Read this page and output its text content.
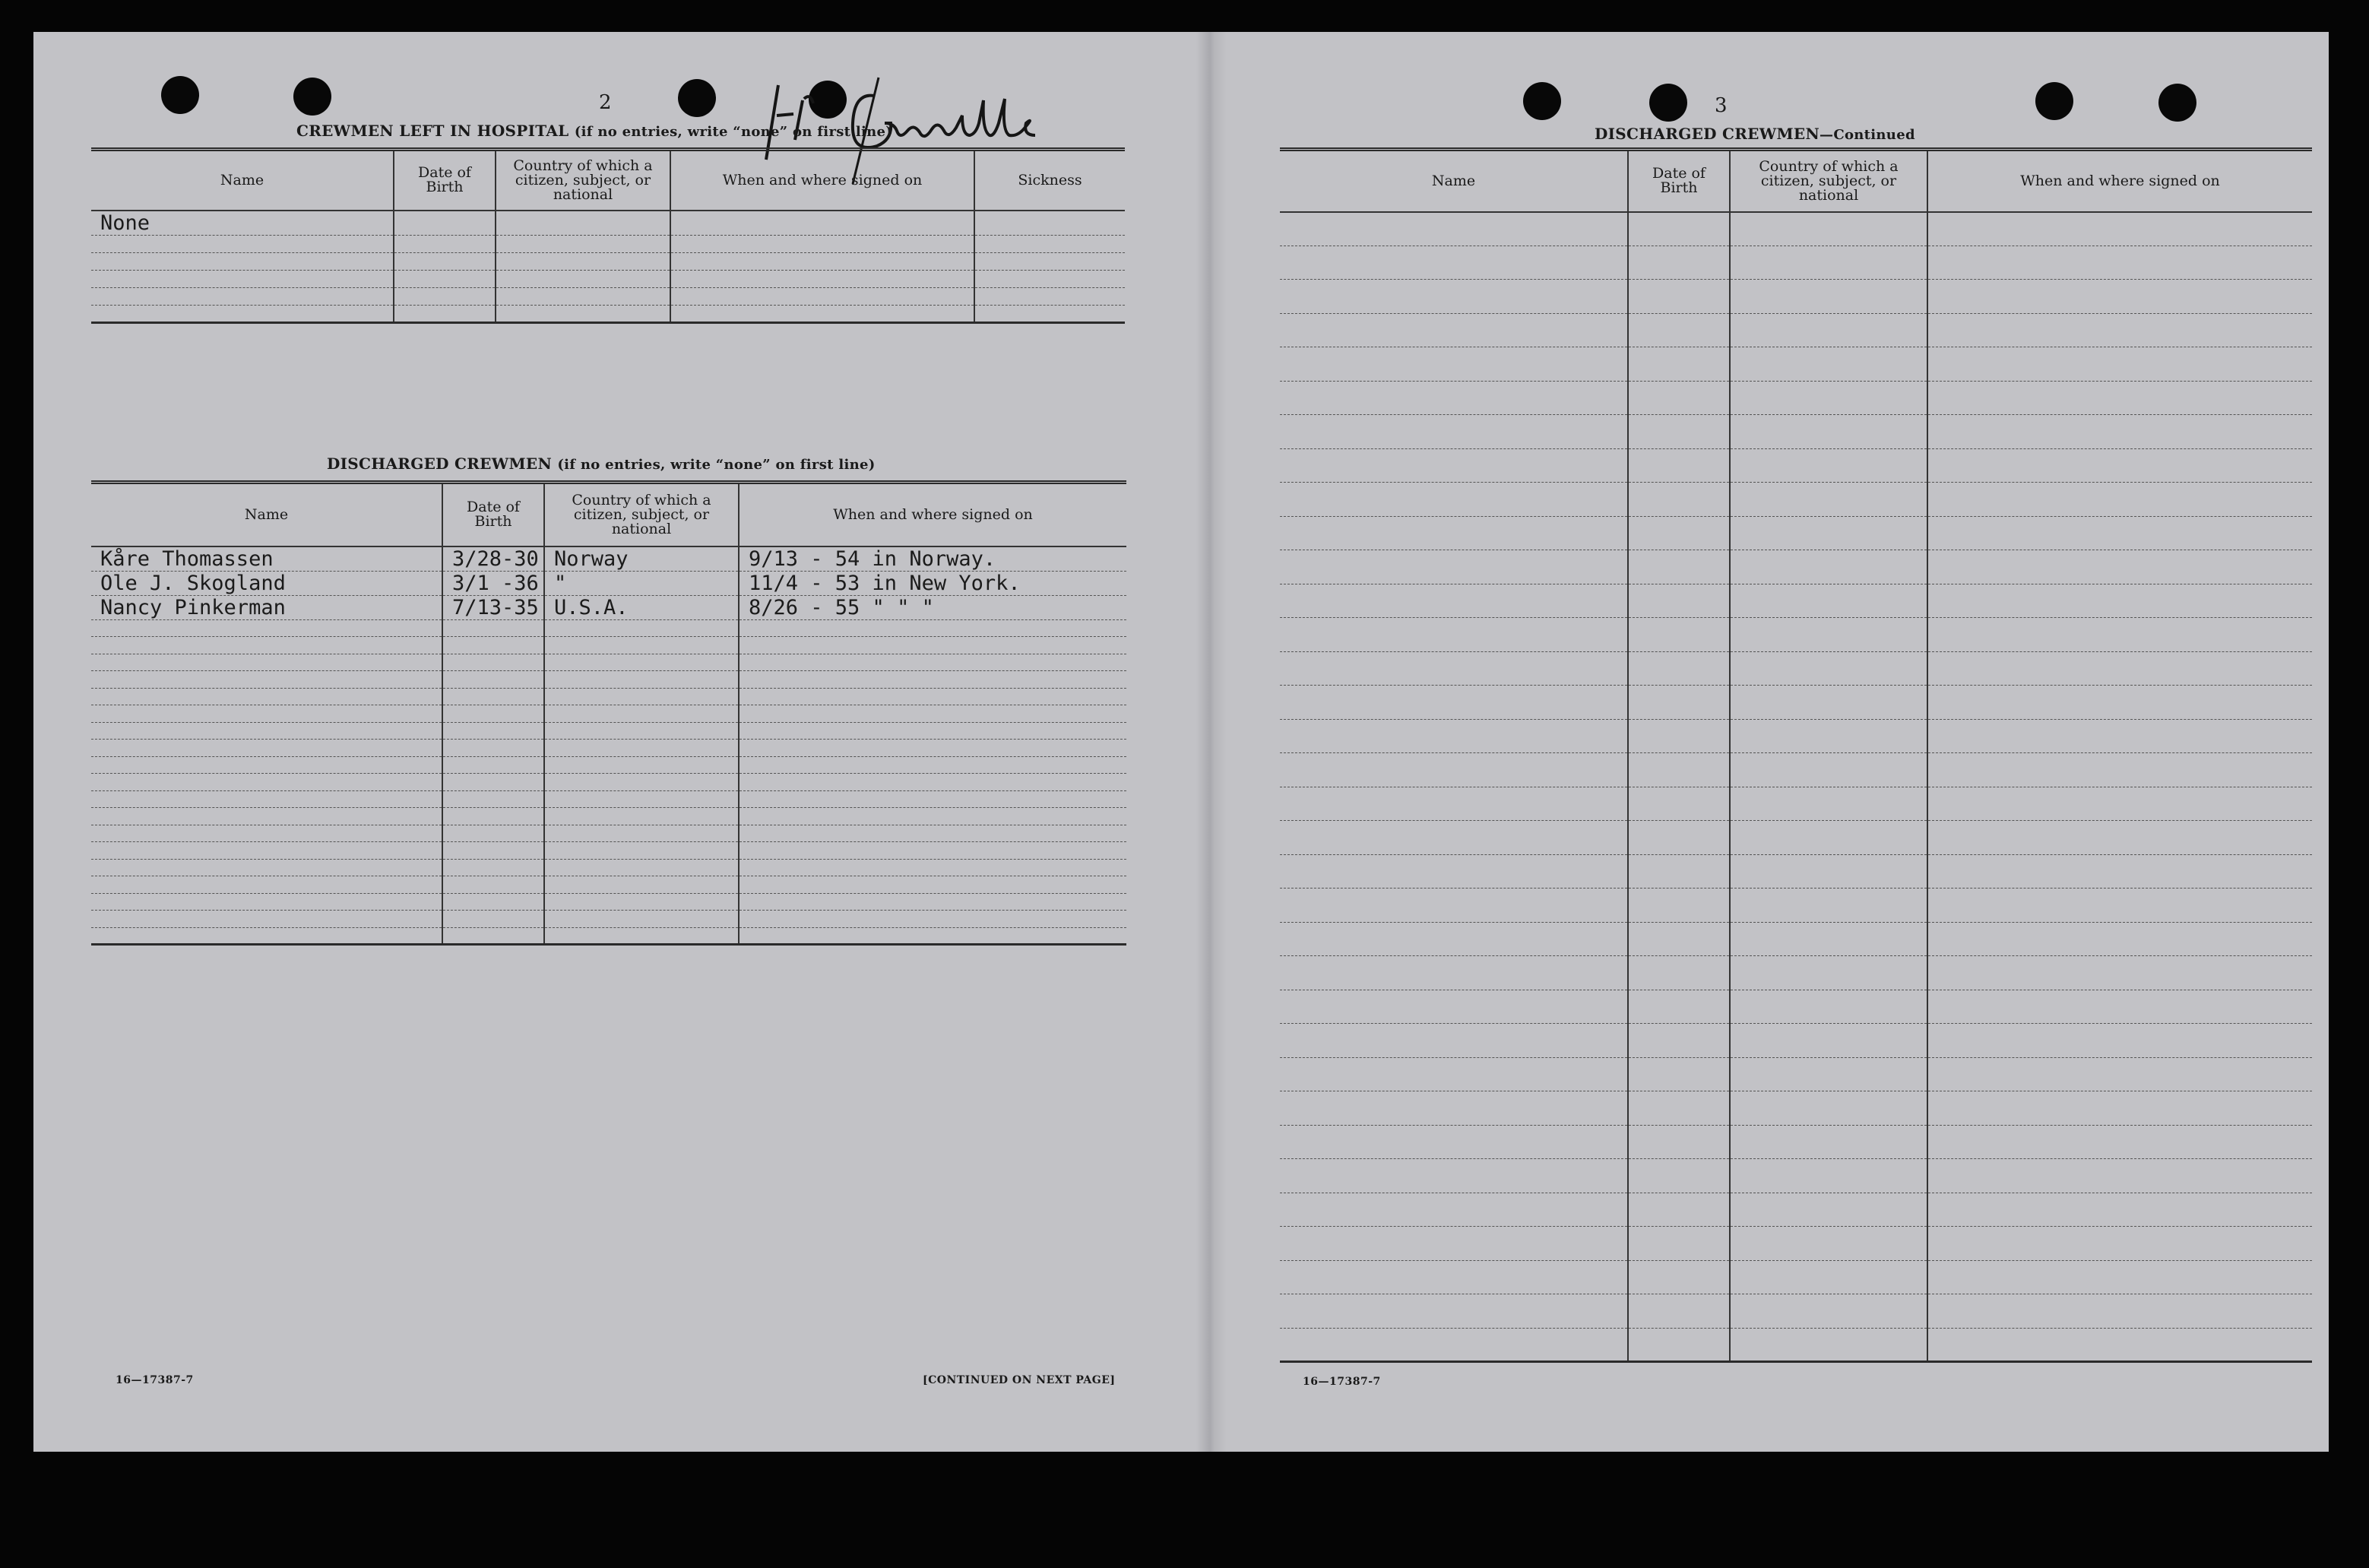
2
Granville
CREWMEN LEFT IN HOSPITAL (if no entries, write “none” on first line)
Name	Date of Birth	Country of which a citizen, subject, or national	When and where signed on	Sickness
None				

DISCHARGED CREWMEN (if no entries, write “none” on first line)
Name	Date of Birth	Country of which a citizen, subject, or national	When and where signed on
Kåre Thomassen	3/28-30	Norway	9/13 - 54 in Norway.
Ole J. Skogland	3/1 -36	"	11/4 - 53 in New York.
Nancy Pinkerman	7/13-35	U.S.A.	8/26 - 55 " " "

16—17387-7	[CONTINUED ON NEXT PAGE]
3
DISCHARGED CREWMEN—Continued
Name	Date of Birth	Country of which a citizen, subject, or national	When and where signed on

16—17387-7
